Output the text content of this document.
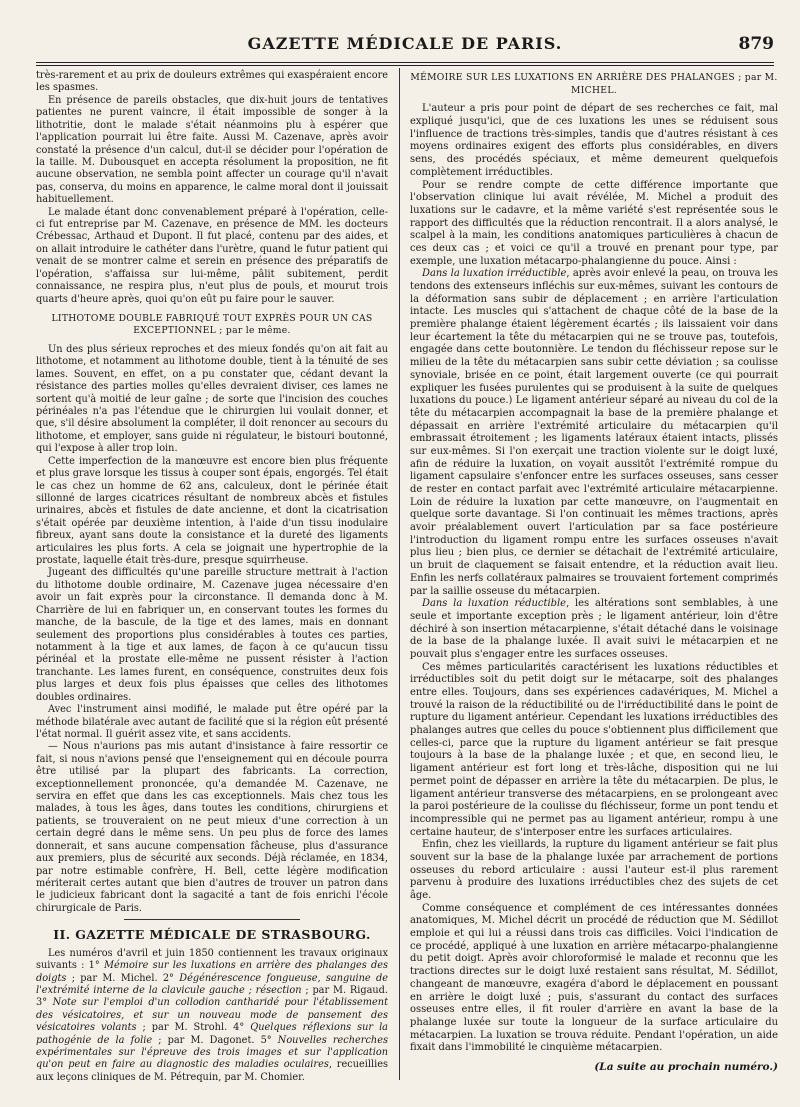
GAZETTE MÉDICALE DE PARIS.	879

très-rarement et au prix de douleurs extrêmes qui exaspéraient encore les spasmes.

En présence de pareils obstacles, que dix-huit jours de tentatives patientes ne purent vaincre, il était impossible de songer à la lithotritie, dont le malade s'était néanmoins plu à espérer que l'application pourrait lui être faite. Aussi M. Cazenave, après avoir constaté la présence d'un calcul, dut-il se décider pour l'opération de la taille. M. Dubousquet en accepta résolument la proposition, ne fit aucune observation, ne sembla point affecter un courage qu'il n'avait pas, conserva, du moins en apparence, le calme moral dont il jouissait habituellement.

Le malade étant donc convenablement préparé à l'opération, celle-ci fut entreprise par M. Cazenave, en présence de MM. les docteurs Crébessac, Arthaud et Dupont. Il fut placé, contenu par des aides, et on allait introduire le cathéter dans l'urètre, quand le futur patient qui venait de se montrer calme et serein en présence des préparatifs de l'opération, s'affaissa sur lui-même, pâlit subitement, perdit connaissance, ne respira plus, n'eut plus de pouls, et mourut trois quarts d'heure après, quoi qu'on eût pu faire pour le sauver.

LITHOTOME DOUBLE FABRIQUÉ TOUT EXPRÈS POUR UN CAS EXCEPTIONNEL ; par le même.

Un des plus sérieux reproches et des mieux fondés qu'on ait fait au lithotome, et notamment au lithotome double, tient à la ténuité de ses lames. Souvent, en effet, on a pu constater que, cédant devant la résistance des parties molles qu'elles devraient diviser, ces lames ne sortent qu'à moitié de leur gaîne ; de sorte que l'incision des couches périnéales n'a pas l'étendue que le chirurgien lui voulait donner, et que, s'il désire absolument la compléter, il doit renoncer au secours du lithotome, et employer, sans guide ni régulateur, le bistouri boutonné, qui l'expose à aller trop loin.

Cette imperfection de la manœuvre est encore bien plus fréquente et plus grave lorsque les tissus à couper sont épais, engorgés. Tel était le cas chez un homme de 62 ans, calculeux, dont le périnée était sillonné de larges cicatrices résultant de nombreux abcès et fistules urinaires, abcès et fistules de date ancienne, et dont la cicatrisation s'était opérée par deuxième intention, à l'aide d'un tissu inodulaire fibreux, ayant sans doute la consistance et la dureté des ligaments articulaires les plus forts. A cela se joignait une hypertrophie de la prostate, laquelle était très-dure, presque squirrheuse.

Jugeant des difficultés qu'une pareille structure mettrait à l'action du lithotome double ordinaire, M. Cazenave jugea nécessaire d'en avoir un fait exprès pour la circonstance. Il demanda donc à M. Charrière de lui en fabriquer un, en conservant toutes les formes du manche, de la bascule, de la tige et des lames, mais en donnant seulement des proportions plus considérables à toutes ces parties, notamment à la tige et aux lames, de façon à ce qu'aucun tissu périnéal et la prostate elle-même ne pussent résister à l'action tranchante. Les lames furent, en conséquence, construites deux fois plus larges et deux fois plus épaisses que celles des lithotomes doubles ordinaires.

Avec l'instrument ainsi modifié, le malade put être opéré par la méthode bilatérale avec autant de facilité que si la région eût présenté l'état normal. Il guérit assez vite, et sans accidents.

— Nous n'aurions pas mis autant d'insistance à faire ressortir ce fait, si nous n'avions pensé que l'enseignement qui en découle pourra être utilisé par la plupart des fabricants. La correction, exceptionnellement prononcée, qu'a demandée M. Cazenave, ne servira en effet que dans les cas exceptionnels. Mais chez tous les malades, à tous les âges, dans toutes les conditions, chirurgiens et patients, se trouveraient on ne peut mieux d'une correction à un certain degré dans le même sens. Un peu plus de force des lames donnerait, et sans aucune compensation fâcheuse, plus d'assurance aux premiers, plus de sécurité aux seconds. Déjà réclamée, en 1834, par notre estimable confrère, H. Bell, cette légère modification mériterait certes autant que bien d'autres de trouver un patron dans le judicieux fabricant dont la sagacité a tant de fois enrichi l'école chirurgicale de Paris.

II. GAZETTE MÉDICALE DE STRASBOURG.

Les numéros d'avril et juin 1850 contiennent les travaux originaux suivants : 1° Mémoire sur les luxations en arrière des phalanges des doigts ; par M. Michel. 2° Dégénérescence fongueuse, sanguine de l'extrémité interne de la clavicule gauche ; résection ; par M. Rigaud. 3° Note sur l'emploi d'un collodion cantharidé pour l'établissement des vésicatoires, et sur un nouveau mode de pansement des vésicatoires volants ; par M. Strohl. 4° Quelques réflexions sur la pathogénie de la folie ; par M. Dagonet. 5° Nouvelles recherches expérimentales sur l'épreuve des trois images et sur l'application qu'on peut en faire au diagnostic des maladies oculaires, recueillies aux leçons cliniques de M. Pétrequin, par M. Chomier.

MÉMOIRE SUR LES LUXATIONS EN ARRIÈRE DES PHALANGES ; par M. MICHEL.

L'auteur a pris pour point de départ de ses recherches ce fait, mal expliqué jusqu'ici, que de ces luxations les unes se réduisent sous l'influence de tractions très-simples, tandis que d'autres résistant à ces moyens ordinaires exigent des efforts plus considérables, en divers sens, des procédés spéciaux, et même demeurent quelquefois complètement irréductibles.

Pour se rendre compte de cette différence importante que l'observation clinique lui avait révélée, M. Michel a produit des luxations sur le cadavre, et la même variété s'est représentée sous le rapport des difficultés que la réduction rencontrait. Il a alors analysé, le scalpel à la main, les conditions anatomiques particulières à chacun de ces deux cas ; et voici ce qu'il a trouvé en prenant pour type, par exemple, une luxation métacarpo-phalangienne du pouce. Ainsi :

Dans la luxation irréductible, après avoir enlevé la peau, on trouva les tendons des extenseurs infléchis sur eux-mêmes, suivant les contours de la déformation sans subir de déplacement ; en arrière l'articulation intacte. Les muscles qui s'attachent de chaque côté de la base de la première phalange étaient légèrement écartés ; ils laissaient voir dans leur écartement la tête du métacarpien qui ne se trouve pas, toutefois, engagée dans cette boutonnière. Le tendon du fléchisseur repose sur le milieu de la tête du métacarpien sans subir cette déviation ; sa coulisse synoviale, brisée en ce point, était largement ouverte (ce qui pourrait expliquer les fusées purulentes qui se produisent à la suite de quelques luxations du pouce.) Le ligament antérieur séparé au niveau du col de la tête du métacarpien accompagnait la base de la première phalange et dépassait en arrière l'extrémité articulaire du métacarpien qu'il embrassait étroitement ; les ligaments latéraux étaient intacts, plissés sur eux-mêmes. Si l'on exerçait une traction violente sur le doigt luxé, afin de réduire la luxation, on voyait aussitôt l'extrémité rompue du ligament capsulaire s'enfoncer entre les surfaces osseuses, sans cesser de rester en contact parfait avec l'extrémité articulaire métacarpienne. Loin de réduire la luxation par cette manœuvre, on l'augmentait en quelque sorte davantage. Si l'on continuait les mêmes tractions, après avoir préalablement ouvert l'articulation par sa face postérieure l'introduction du ligament rompu entre les surfaces osseuses n'avait plus lieu ; bien plus, ce dernier se détachait de l'extrémité articulaire, un bruit de claquement se faisait entendre, et la réduction avait lieu. Enfin les nerfs collatéraux palmaires se trouvaient fortement comprimés par la saillie osseuse du métacarpien.

Dans la luxation réductible, les altérations sont semblables, à une seule et importante exception près ; le ligament antérieur, loin d'être déchiré à son insertion métacarpienne, s'était détaché dans le voisinage de la base de la phalange luxée. Il avait suivi le métacarpien et ne pouvait plus s'engager entre les surfaces osseuses.

Ces mêmes particularités caractérisent les luxations réductibles et irréductibles soit du petit doigt sur le métacarpe, soit des phalanges entre elles. Toujours, dans ses expériences cadavériques, M. Michel a trouvé la raison de la réductibilité ou de l'irréductibilité dans le point de rupture du ligament antérieur. Cependant les luxations irréductibles des phalanges autres que celles du pouce s'obtiennent plus difficilement que celles-ci, parce que la rupture du ligament antérieur se fait presque toujours à la base de la phalange luxée ; et que, en second lieu, le ligament antérieur est fort long et très-lâche, disposition qui ne lui permet point de dépasser en arrière la tête du métacarpien. De plus, le ligament antérieur transverse des métacarpiens, en se prolongeant avec la paroi postérieure de la coulisse du fléchisseur, forme un pont tendu et incompressible qui ne permet pas au ligament antérieur, rompu à une certaine hauteur, de s'interposer entre les surfaces articulaires.

Enfin, chez les vieillards, la rupture du ligament antérieur se fait plus souvent sur la base de la phalange luxée par arrachement de portions osseuses du rebord articulaire : aussi l'auteur est-il plus rarement parvenu à produire des luxations irréductibles chez des sujets de cet âge.

Comme conséquence et complément de ces intéressantes données anatomiques, M. Michel décrit un procédé de réduction que M. Sédillot emploie et qui lui a réussi dans trois cas difficiles. Voici l'indication de ce procédé, appliqué à une luxation en arrière métacarpo-phalangienne du petit doigt. Après avoir chloroformisé le malade et reconnu que les tractions directes sur le doigt luxé restaient sans résultat, M. Sédillot, changeant de manœuvre, exagéra d'abord le déplacement en poussant en arrière le doigt luxé ; puis, s'assurant du contact des surfaces osseuses entre elles, il fit rouler d'arrière en avant la base de la phalange luxée sur toute la longueur de la surface articulaire du métacarpien. La luxation se trouva réduite. Pendant l'opération, un aide fixait dans l'immobilité le cinquième métacarpien.

(La suite au prochain numéro.)
